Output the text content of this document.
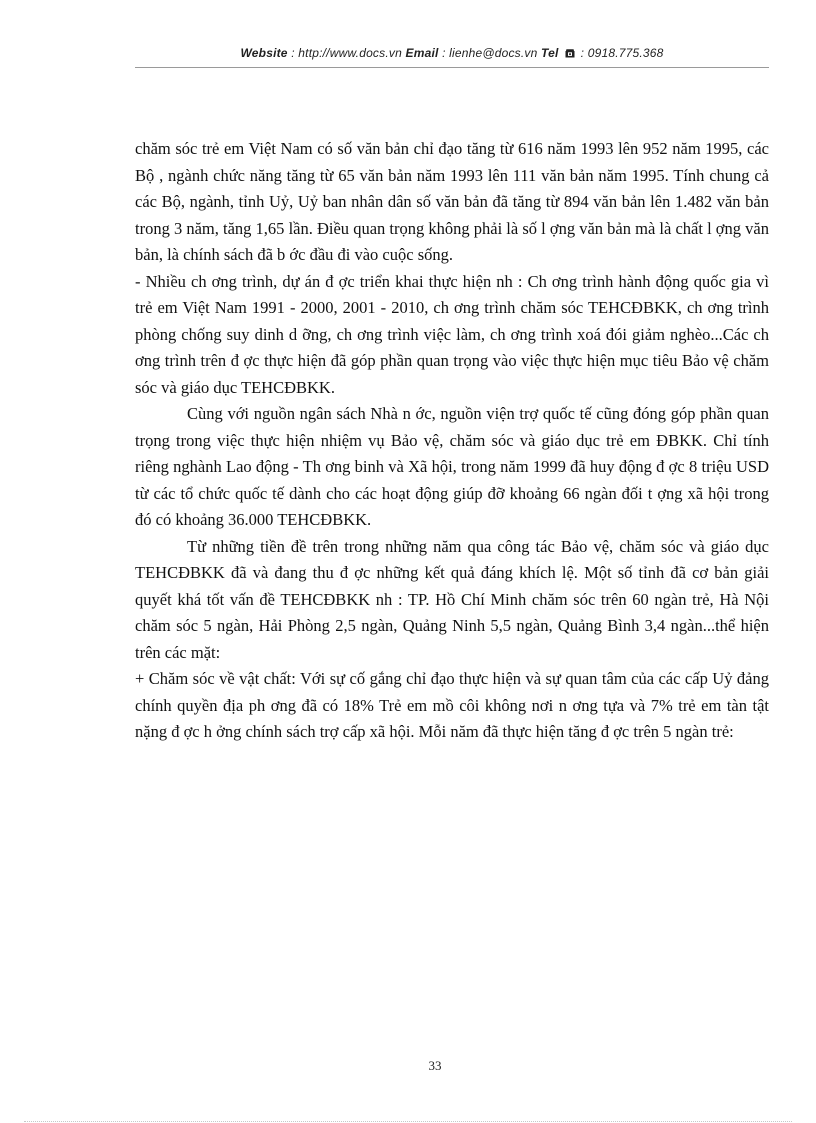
Website : http://www.docs.vn Email : lienhe@docs.vn Tel : 0918.775.368

chăm sóc trẻ em Việt Nam có số văn bản chỉ đạo tăng từ 616 năm 1993 lên 952 năm 1995, các Bộ , ngành chức năng tăng từ 65 văn bản năm 1993 lên 111 văn bản năm 1995. Tính chung cả các Bộ, ngành, tỉnh Uỷ, Uỷ ban nhân dân số văn bản đã tăng từ 894 văn bản lên 1.482 văn bản trong 3 năm, tăng 1,65 lần. Điều quan trọng không phải là số l ợng văn bản mà là chất l ợng văn bản, là chính sách đã b ớc đầu đi vào cuộc sống.

- Nhiều ch ơng trình, dự án đ ợc triển khai thực hiện nh : Ch ơng trình hành động quốc gia vì trẻ em Việt Nam 1991 - 2000, 2001 - 2010, ch ơng trình chăm sóc TEHCĐBKK, ch ơng trình phòng chống suy dinh d ỡng, ch ơng trình việc làm, ch ơng trình xoá đói giảm nghèo...Các ch ơng trình trên đ ợc thực hiện đã góp phần quan trọng vào việc thực hiện mục tiêu Bảo vệ chăm sóc và giáo dục TEHCĐBKK.

Cùng với nguồn ngân sách Nhà n ớc, nguồn viện trợ quốc tế cũng đóng góp phần quan trọng trong việc thực hiện nhiệm vụ Bảo vệ, chăm sóc và giáo dục trẻ em ĐBKK. Chỉ tính riêng nghành Lao động - Th ơng binh và Xã hội, trong năm 1999 đã huy động đ ợc 8 triệu USD từ các tổ chức quốc tế dành cho các hoạt động giúp đỡ khoảng 66 ngàn đối t ợng xã hội trong đó có khoảng 36.000 TEHCĐBKK.

Từ những tiền đề trên trong những năm qua công tác Bảo vệ, chăm sóc và giáo dục TEHCĐBKK đã và đang thu đ ợc những kết quả đáng khích lệ. Một số tỉnh đã cơ bản giải quyết khá tốt vấn đề TEHCĐBKK nh : TP. Hồ Chí Minh chăm sóc trên 60 ngàn trẻ, Hà Nội chăm sóc 5 ngàn, Hải Phòng 2,5 ngàn, Quảng Ninh 5,5 ngàn, Quảng Bình 3,4 ngàn...thể hiện trên các mặt:

+ Chăm sóc về vật chất: Với sự cố gắng chỉ đạo thực hiện và sự quan tâm của các cấp Uỷ đảng chính quyền địa ph ơng đã có 18% Trẻ em mồ côi không nơi n ơng tựa và 7% trẻ em tàn tật nặng đ ợc h ởng chính sách trợ cấp xã hội. Mỗi năm đã thực hiện tăng đ ợc trên 5 ngàn trẻ:

33
